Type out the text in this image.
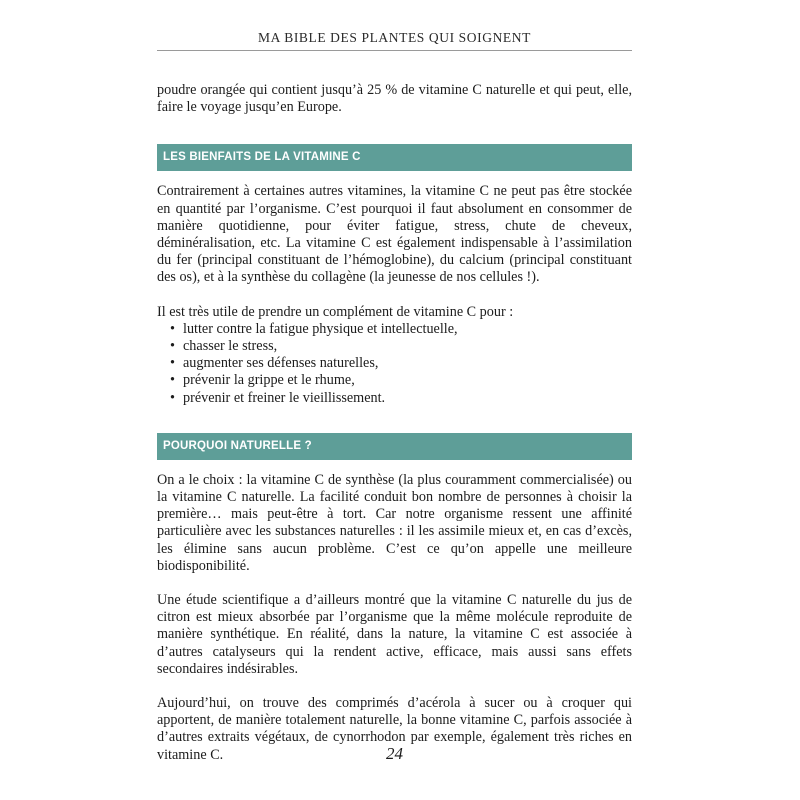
MA BIBLE DES PLANTES QUI SOIGNENT

poudre orangée qui contient jusqu’à 25 % de vitamine C naturelle et qui peut, elle, faire le voyage jusqu’en Europe.

LES BIENFAITS DE LA VITAMINE C

Contrairement à certaines autres vitamines, la vitamine C ne peut pas être stockée en quantité par l’organisme. C’est pourquoi il faut absolument en consommer de manière quotidienne, pour éviter fatigue, stress, chute de cheveux, déminéralisation, etc. La vitamine C est également indispensable à l’assimilation du fer (principal constituant de l’hémoglobine), du calcium (principal constituant des os), et à la synthèse du collagène (la jeunesse de nos cellules !).

Il est très utile de prendre un complément de vitamine C pour :

• lutter contre la fatigue physique et intellectuelle,
• chasser le stress,
• augmenter ses défenses naturelles,
• prévenir la grippe et le rhume,
• prévenir et freiner le vieillissement.
POURQUOI NATURELLE ?

On a le choix : la vitamine C de synthèse (la plus couramment commercialisée) ou la vitamine C naturelle. La facilité conduit bon nombre de personnes à choisir la première… mais peut-être à tort. Car notre organisme ressent une affinité particulière avec les substances naturelles : il les assimile mieux et, en cas d’excès, les élimine sans aucun problème. C’est ce qu’on appelle une meilleure biodisponibilité.

Une étude scientifique a d’ailleurs montré que la vitamine C naturelle du jus de citron est mieux absorbée par l’organisme que la même molécule reproduite de manière synthétique. En réalité, dans la nature, la vitamine C est associée à d’autres catalyseurs qui la rendent active, efficace, mais aussi sans effets secondaires indésirables.

Aujourd’hui, on trouve des comprimés d’acérola à sucer ou à croquer qui apportent, de manière totalement naturelle, la bonne vitamine C, parfois associée à d’autres extraits végétaux, de cynorrhodon par exemple, également très riches en vitamine C.	24
